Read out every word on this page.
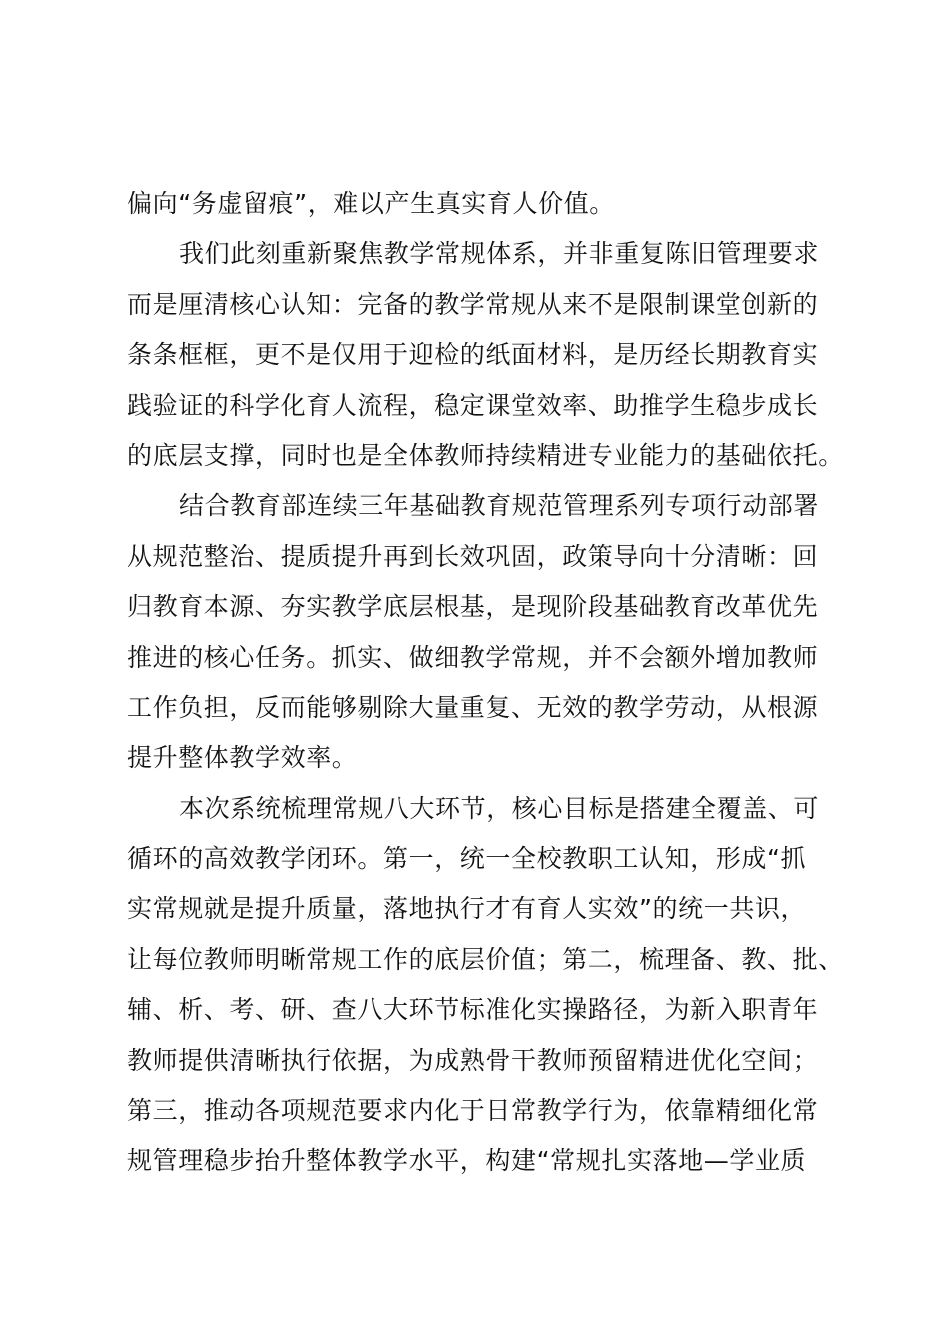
偏向“务虚留痕”，难以产生真实育人价值。
我们此刻重新聚焦教学常规体系，并非重复陈旧管理要求
而是厘清核心认知：完备的教学常规从来不是限制课堂创新的
条条框框，更不是仅用于迎检的纸面材料，是历经长期教育实
践验证的科学化育人流程，稳定课堂效率、助推学生稳步成长
的底层支撑，同时也是全体教师持续精进专业能力的基础依托。
结合教育部连续三年基础教育规范管理系列专项行动部署
从规范整治、提质提升再到长效巩固，政策导向十分清晰：回
归教育本源、夯实教学底层根基，是现阶段基础教育改革优先
推进的核心任务。抓实、做细教学常规，并不会额外增加教师
工作负担，反而能够剔除大量重复、无效的教学劳动，从根源
提升整体教学效率。
本次系统梳理常规八大环节，核心目标是搭建全覆盖、可
循环的高效教学闭环。第一，统一全校教职工认知，形成“抓
实常规就是提升质量，落地执行才有育人实效”的统一共识，
让每位教师明晰常规工作的底层价值；第二，梳理备、教、批、
辅、析、考、研、查八大环节标准化实操路径，为新入职青年
教师提供清晰执行依据，为成熟骨干教师预留精进优化空间；
第三，推动各项规范要求内化于日常教学行为，依靠精细化常
规管理稳步抬升整体教学水平，构建“常规扎实落地—学业质
